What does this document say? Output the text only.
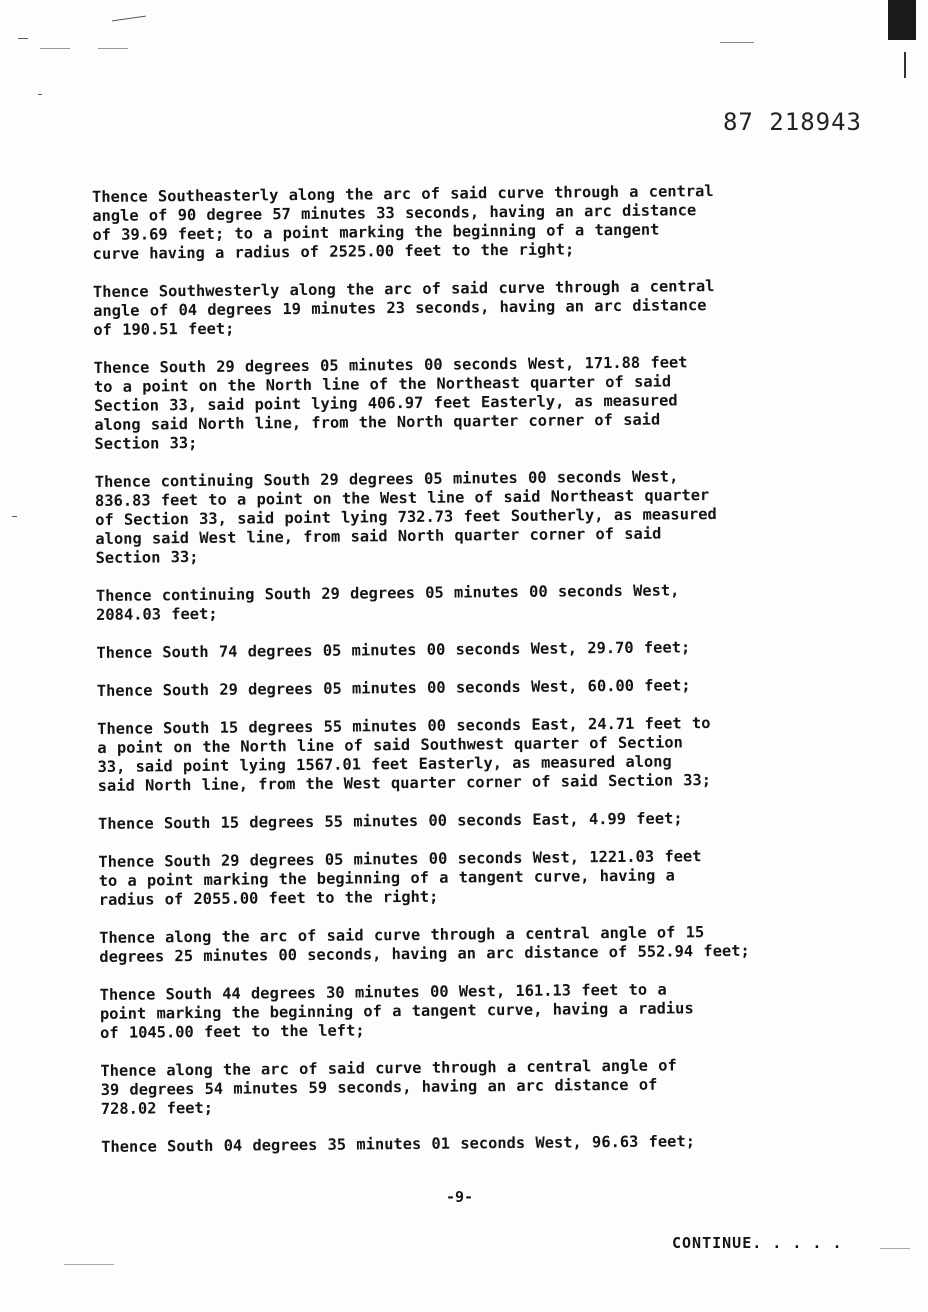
87 218943

Thence Southeasterly along the arc of said curve through a central
angle of 90 degree 57 minutes 33 seconds, having an arc distance
of 39.69 feet; to a point marking the beginning of a tangent
curve having a radius of 2525.00 feet to the right;

Thence Southwesterly along the arc of said curve through a central
angle of 04 degrees 19 minutes 23 seconds, having an arc distance
of 190.51 feet;

Thence South 29 degrees 05 minutes 00 seconds West, 171.88 feet
to a point on the North line of the Northeast quarter of said
Section 33, said point lying 406.97 feet Easterly, as measured
along said North line, from the North quarter corner of said
Section 33;

Thence continuing South 29 degrees 05 minutes 00 seconds West,
836.83 feet to a point on the West line of said Northeast quarter
of Section 33, said point lying 732.73 feet Southerly, as measured
along said West line, from said North quarter corner of said
Section 33;

Thence continuing South 29 degrees 05 minutes 00 seconds West,
2084.03 feet;

Thence South 74 degrees 05 minutes 00 seconds West, 29.70 feet;

Thence South 29 degrees 05 minutes 00 seconds West, 60.00 feet;

Thence South 15 degrees 55 minutes 00 seconds East, 24.71 feet to
a point on the North line of said Southwest quarter of Section
33, said point lying 1567.01 feet Easterly, as measured along
said North line, from the West quarter corner of said Section 33;

Thence South 15 degrees 55 minutes 00 seconds East, 4.99 feet;

Thence South 29 degrees 05 minutes 00 seconds West, 1221.03 feet
to a point marking the beginning of a tangent curve, having a
radius of 2055.00 feet to the right;

Thence along the arc of said curve through a central angle of 15
degrees 25 minutes 00 seconds, having an arc distance of 552.94 feet;

Thence South 44 degrees 30 minutes 00 West, 161.13 feet to a
point marking the beginning of a tangent curve, having a radius
of 1045.00 feet to the left;

Thence along the arc of said curve through a central angle of
39 degrees 54 minutes 59 seconds, having an arc distance of
728.02 feet;

Thence South 04 degrees 35 minutes 01 seconds West, 96.63 feet;

-9-
CONTINUE. . . . .
